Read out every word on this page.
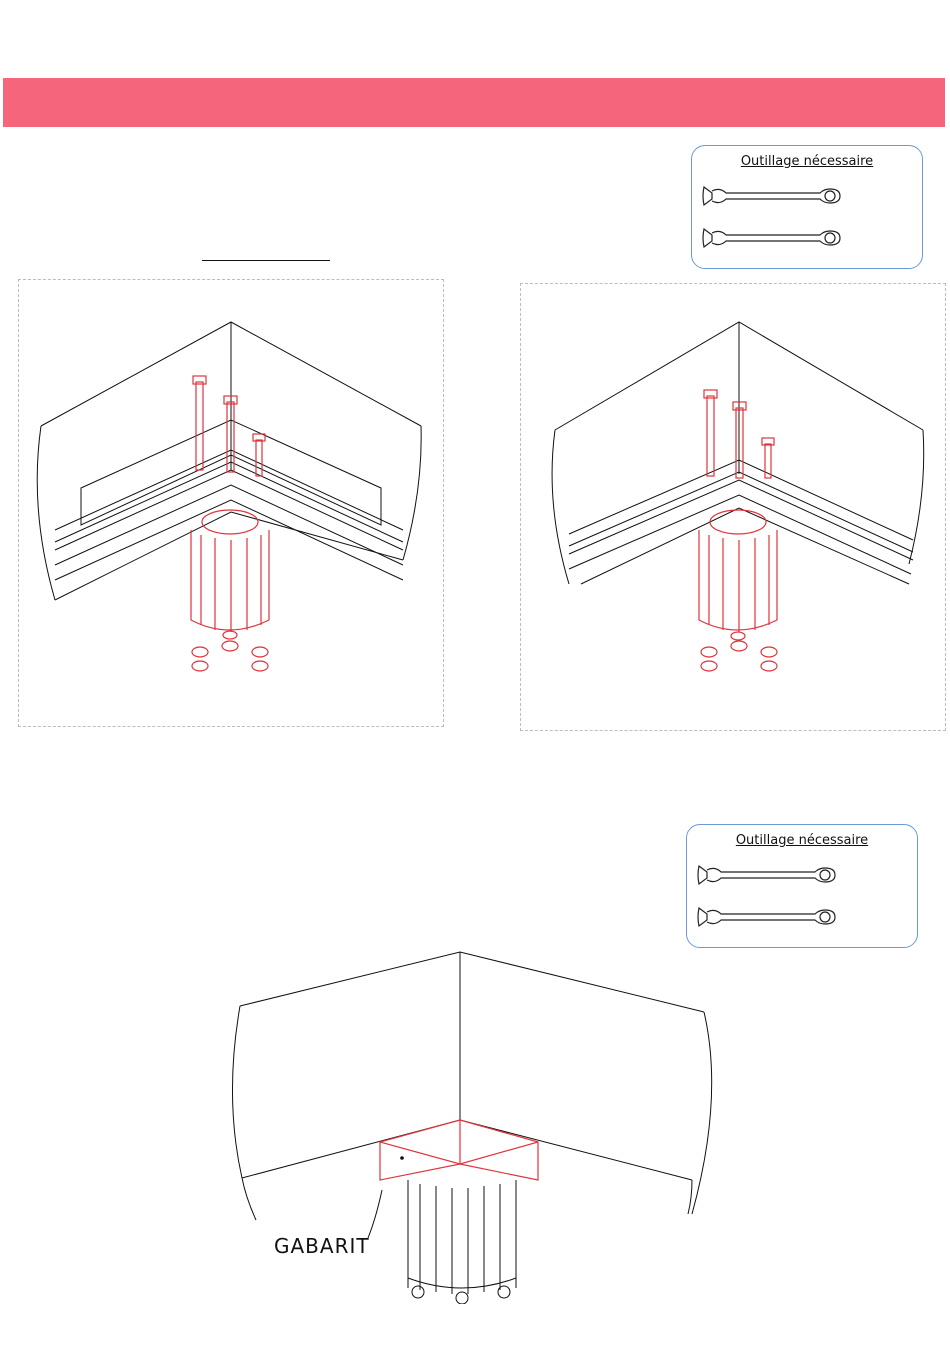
Outillage nécessaire
Outillage nécessaire
GABARIT
